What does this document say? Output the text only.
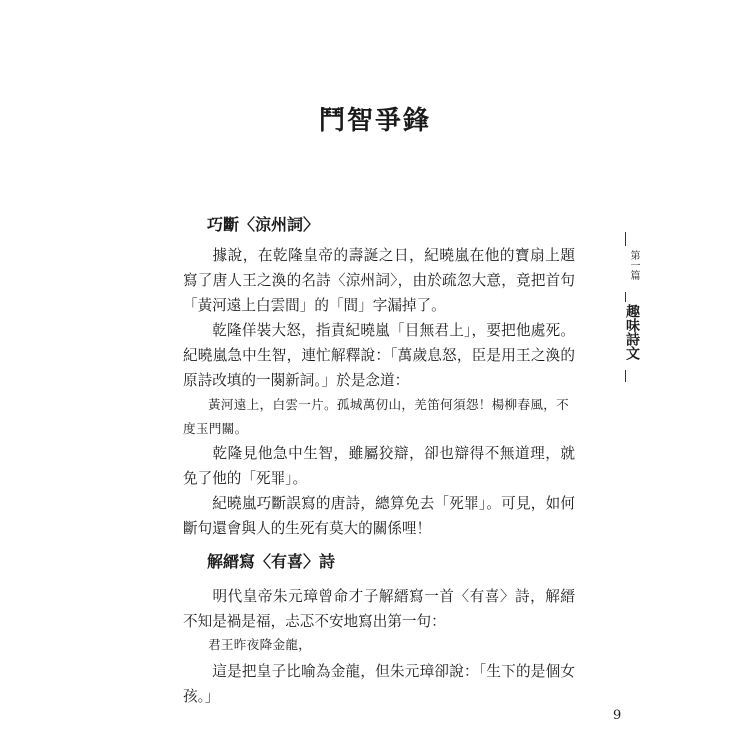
鬥智爭鋒
巧斷〈涼州詞〉
據說，在乾隆皇帝的壽誕之日，紀曉嵐在他的寶扇上題寫了唐人王之渙的名詩〈涼州詞〉，由於疏忽大意，竟把首句「黃河遠上白雲間」的「間」字漏掉了。
乾隆佯裝大怒，指責紀曉嵐「目無君上」，要把他處死。紀曉嵐急中生智，連忙解釋說：「萬歲息怒，臣是用王之渙的原詩改填的一闋新詞。」於是念道：
黃河遠上，白雲一片。孤城萬仞山，羌笛何須怨！楊柳春風，不度玉門關。
乾隆見他急中生智，雖屬狡辯，卻也辯得不無道理，就免了他的「死罪」。
紀曉嵐巧斷誤寫的唐詩，總算免去「死罪」。可見，如何斷句還會與人的生死有莫大的關係哩！
解縉寫〈有喜〉詩
明代皇帝朱元璋曾命才子解縉寫一首〈有喜〉詩，解縉不知是禍是福，忐忑不安地寫出第一句：
君王昨夜降金龍，
這是把皇子比喻為金龍，但朱元璋卻說：「生下的是個女孩。」
第一篇
趣味詩文
9
